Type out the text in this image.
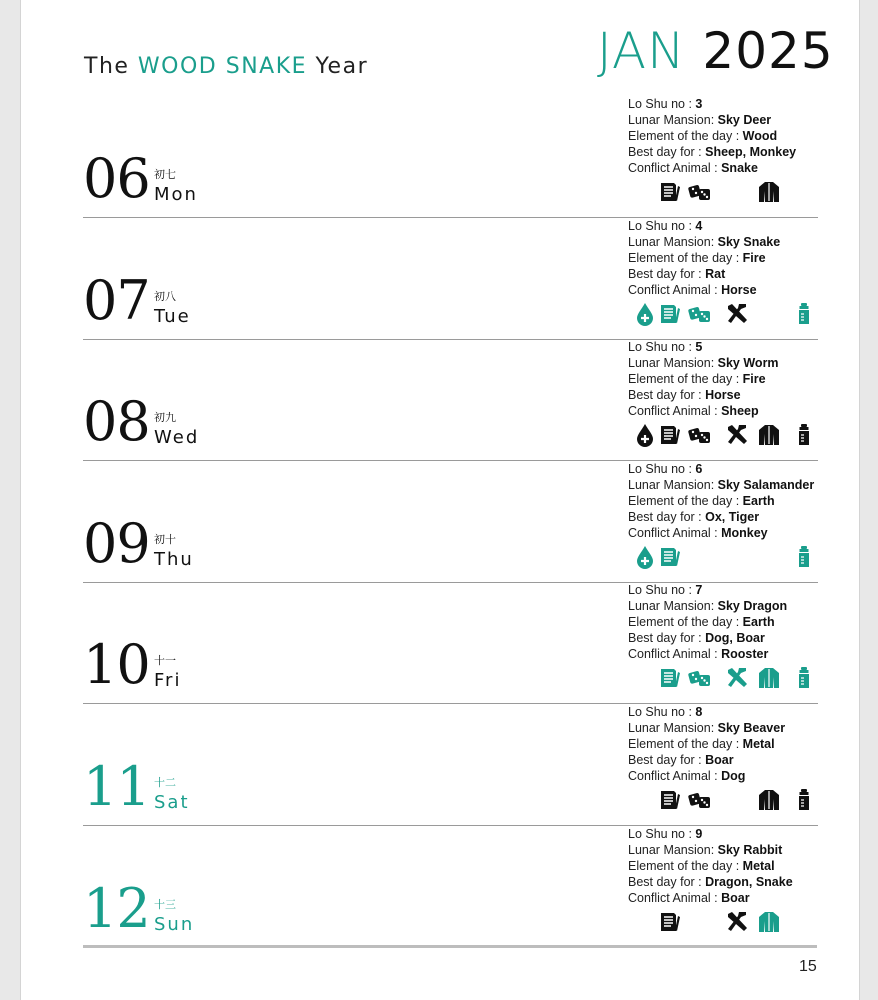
The WOOD SNAKE Year	JAN 2025
06 初七
Mon
Lo Shu no : 3
Lunar Mansion: Sky Deer
Element of the day : Wood
Best day for : Sheep, Monkey
Conflict Animal : Snake
07 初八
Tue
Lo Shu no : 4
Lunar Mansion: Sky Snake
Element of the day : Fire
Best day for : Rat
Conflict Animal : Horse
08 初九
Wed
Lo Shu no : 5
Lunar Mansion: Sky Worm
Element of the day : Fire
Best day for : Horse
Conflict Animal : Sheep
09 初十
Thu
Lo Shu no : 6
Lunar Mansion: Sky Salamander
Element of the day : Earth
Best day for : Ox, Tiger
Conflict Animal : Monkey
10 十一
Fri
Lo Shu no : 7
Lunar Mansion: Sky Dragon
Element of the day : Earth
Best day for : Dog, Boar
Conflict Animal : Rooster
11 十二
Sat
Lo Shu no : 8
Lunar Mansion: Sky Beaver
Element of the day : Metal
Best day for : Boar
Conflict Animal : Dog
12 十三
Sun
Lo Shu no : 9
Lunar Mansion: Sky Rabbit
Element of the day : Metal
Best day for : Dragon, Snake
Conflict Animal : Boar
15
